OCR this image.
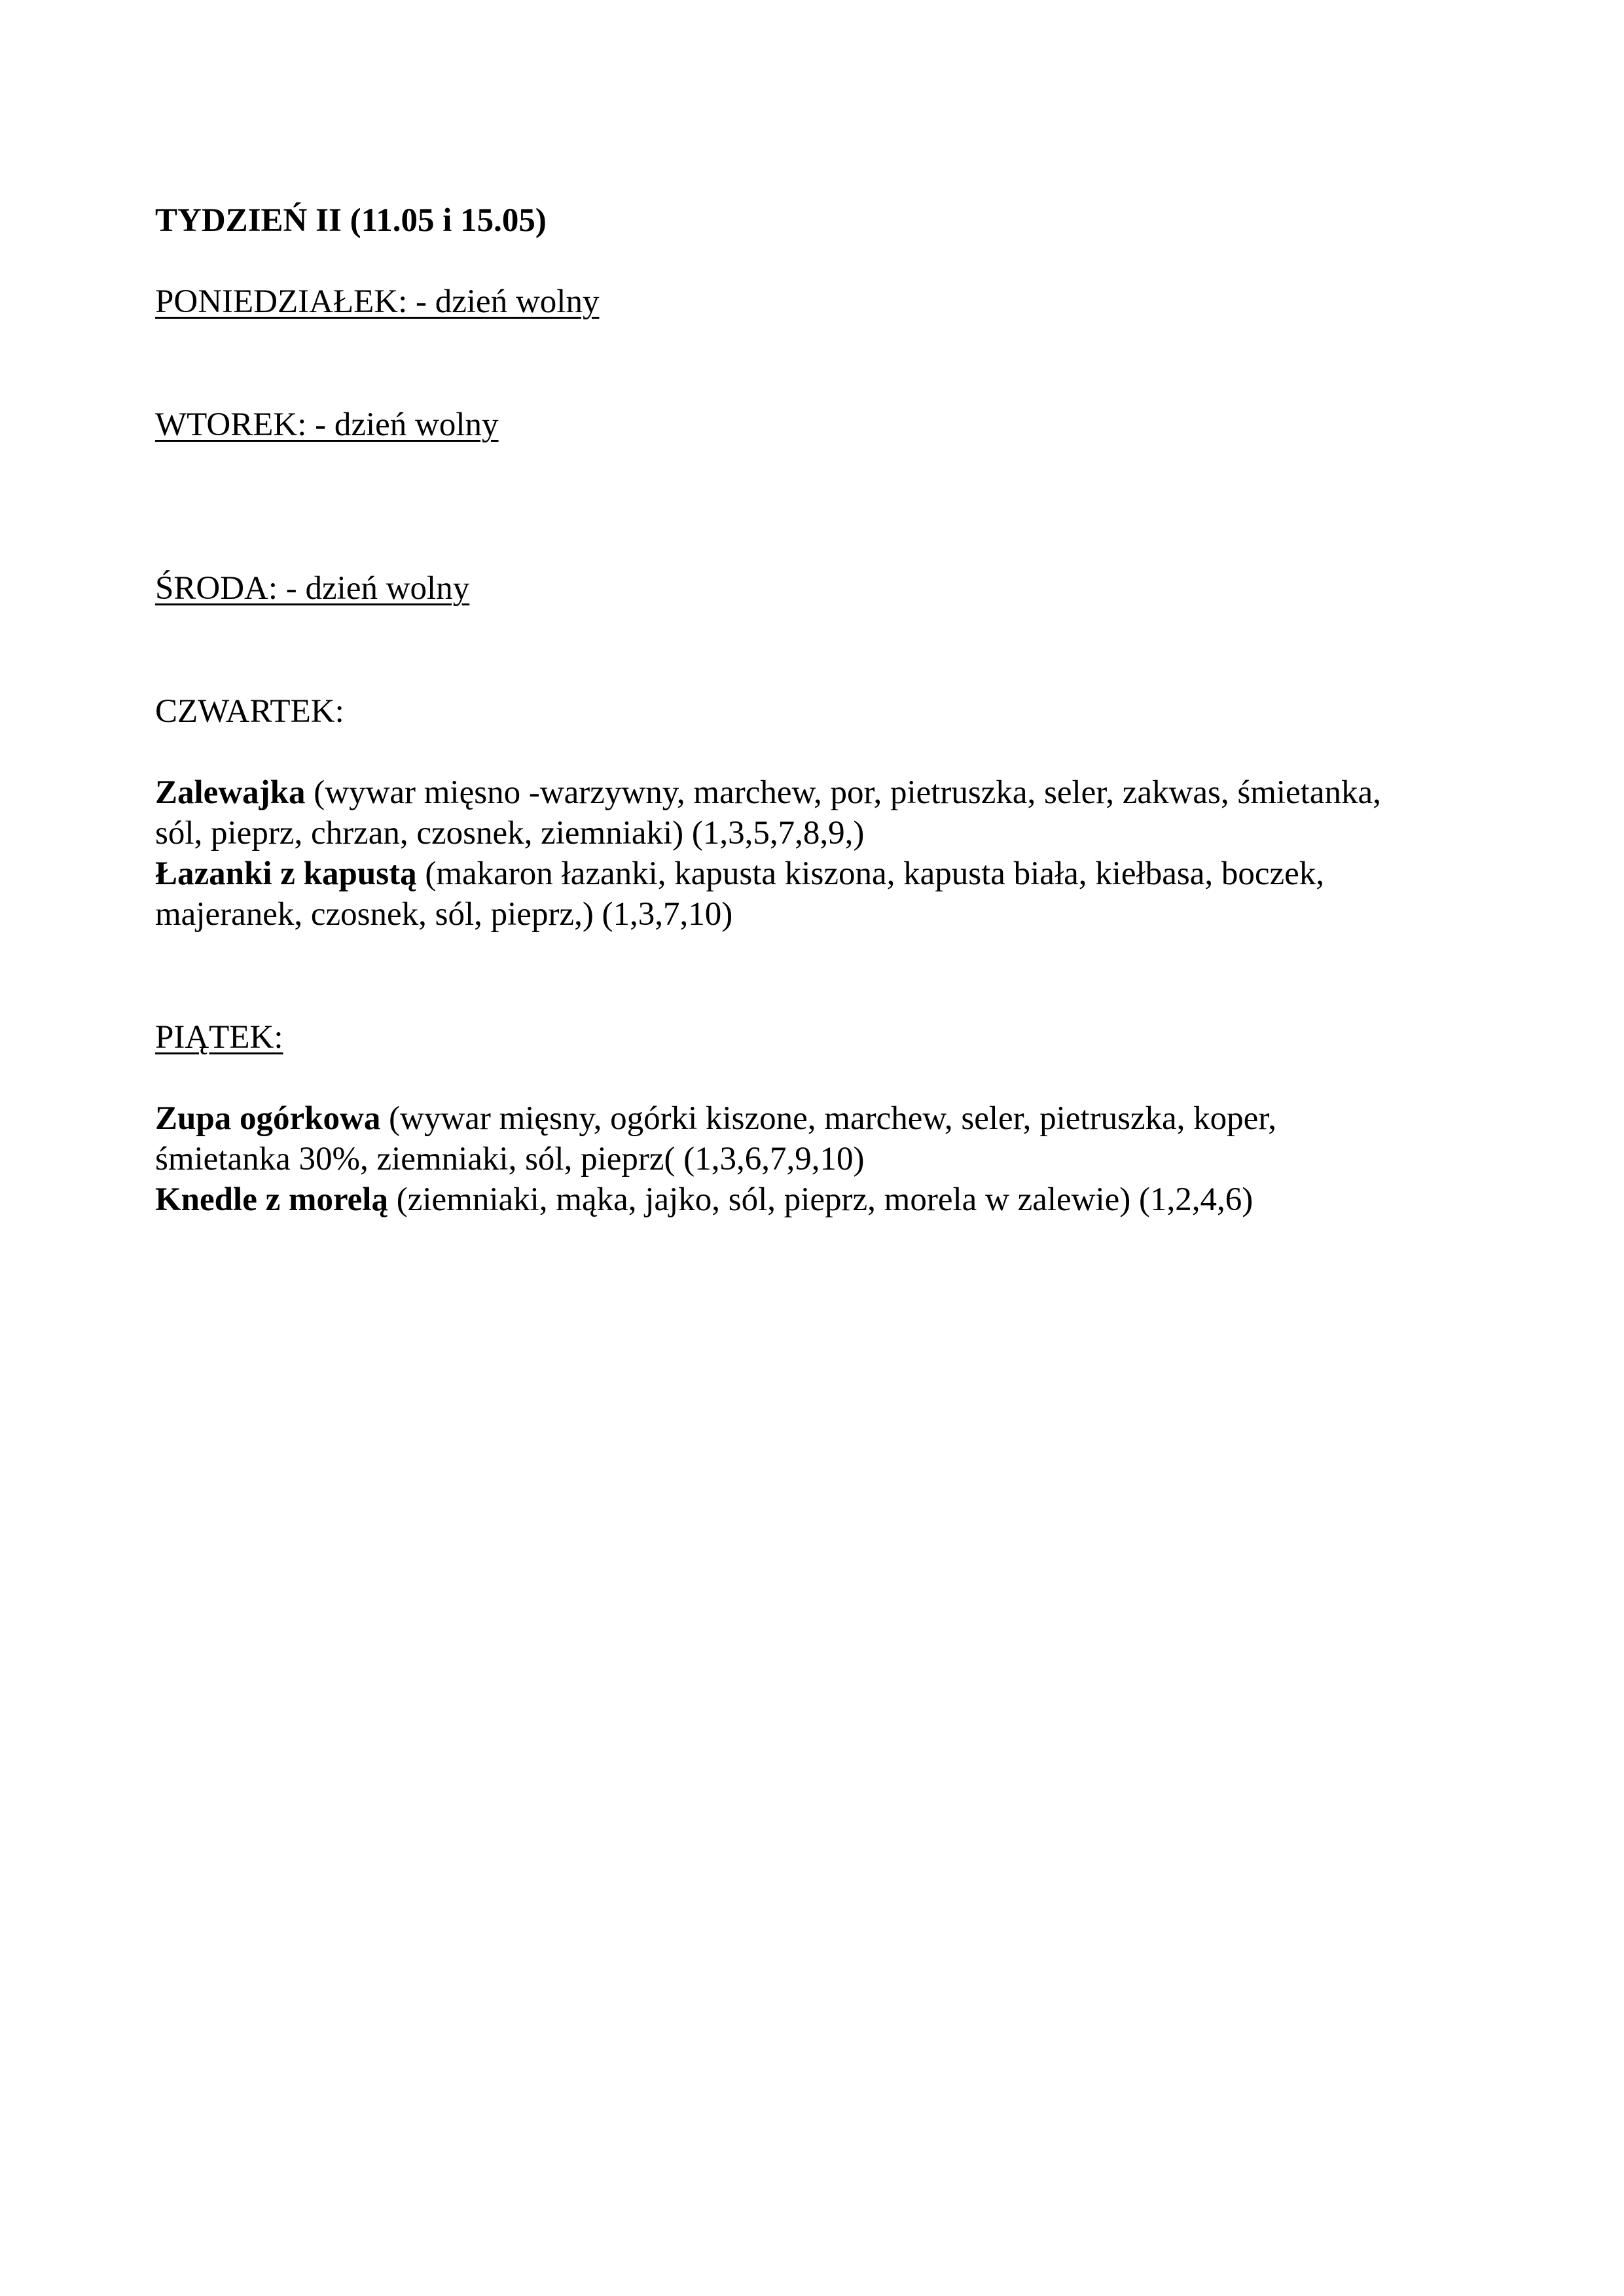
TYDZIEŃ II (11.05 i 15.05)
PONIEDZIAŁEK: - dzień wolny
WTOREK: - dzień wolny
ŚRODA: - dzień wolny
CZWARTEK:
Zalewajka (wywar mięsno -warzywny, marchew, por, pietruszka, seler, zakwas, śmietanka,
sól, pieprz, chrzan, czosnek, ziemniaki) (1,3,5,7,8,9,)
Łazanki z kapustą (makaron łazanki, kapusta kiszona, kapusta biała, kiełbasa, boczek,
majeranek, czosnek, sól, pieprz,) (1,3,7,10)
PIĄTEK:
Zupa ogórkowa (wywar mięsny, ogórki kiszone, marchew, seler, pietruszka, koper,
śmietanka 30%, ziemniaki, sól, pieprz( (1,3,6,7,9,10)
Knedle z morelą (ziemniaki, mąka, jajko, sól, pieprz, morela w zalewie) (1,2,4,6)
